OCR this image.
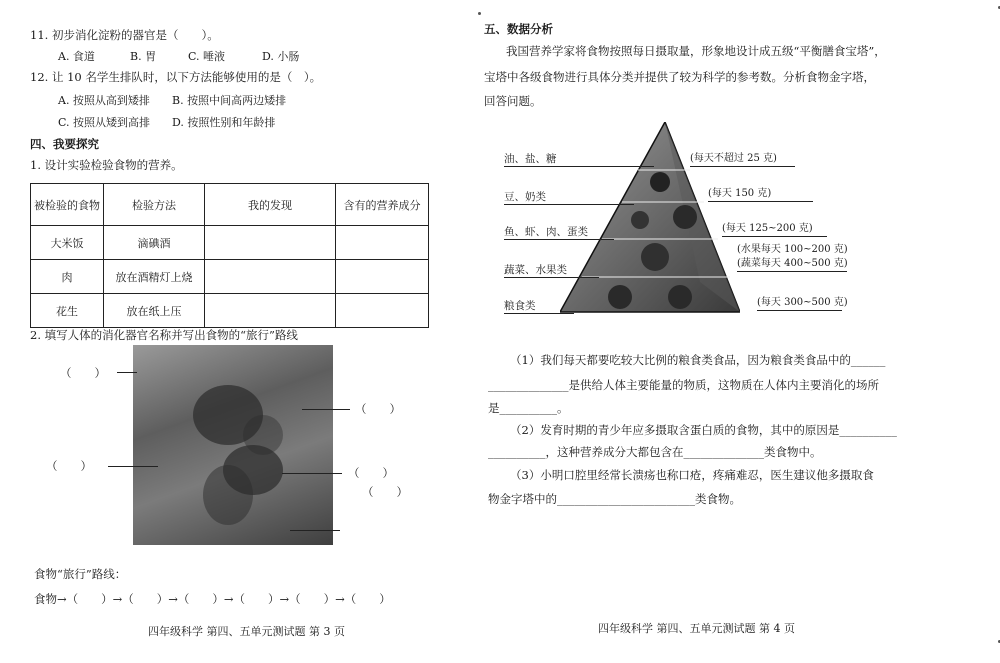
11. 初步消化淀粉的器官是（　　）。
A. 食道	B. 胃	C. 唾液	D. 小肠
12. 让 10 名学生排队时，以下方法能够使用的是（　）。
A. 按照从高到矮排 B. 按照中间高两边矮排
C. 按照从矮到高排 D. 按照性别和年龄排
四、我要探究
1. 设计实验检验食物的营养。
被检验的食物	检验方法	我的发现	含有的营养成分
大米饭	滴碘酒		
肉	放在酒精灯上烧		
花生	放在纸上压		
2. 填写人体的消化器官名称并写出食物的“旅行”路线
（　　）
（　　）
（　　）
（　　）
（　　）
食物“旅行”路线：
食物→（　　）→（　　）→（　　）→（　　）→（　　）→（　　）
四年级科学 第四、五单元测试题 第 3 页
五、数据分析
我国营养学家将食物按照每日摄取量，形象地设计成五级“平衡膳食宝塔”，
宝塔中各级食物进行具体分类并提供了较为科学的参考数。分析食物金字塔，
回答问题。
油、盐、糖
豆、奶类
鱼、虾、肉、蛋类
蔬菜、水果类
粮食类
(每天不超过 25 克)
(每天 150 克)
(每天 125~200 克)
(水果每天 100~200 克)
(蔬菜每天 400~500 克)
(每天 300~500 克)
（1）我们每天都要吃较大比例的粮食类食品，因为粮食类食品中的______
______________是供给人体主要能量的物质，这物质在人体内主要消化的场所
是__________。
（2）发育时期的青少年应多摄取含蛋白质的食物，其中的原因是__________
__________，这种营养成分大都包含在______________类食物中。
（3）小明口腔里经常长溃疡也称口疮，疼痛难忍，医生建议他多摄取食
物金字塔中的________________________类食物。
四年级科学 第四、五单元测试题 第 4 页
